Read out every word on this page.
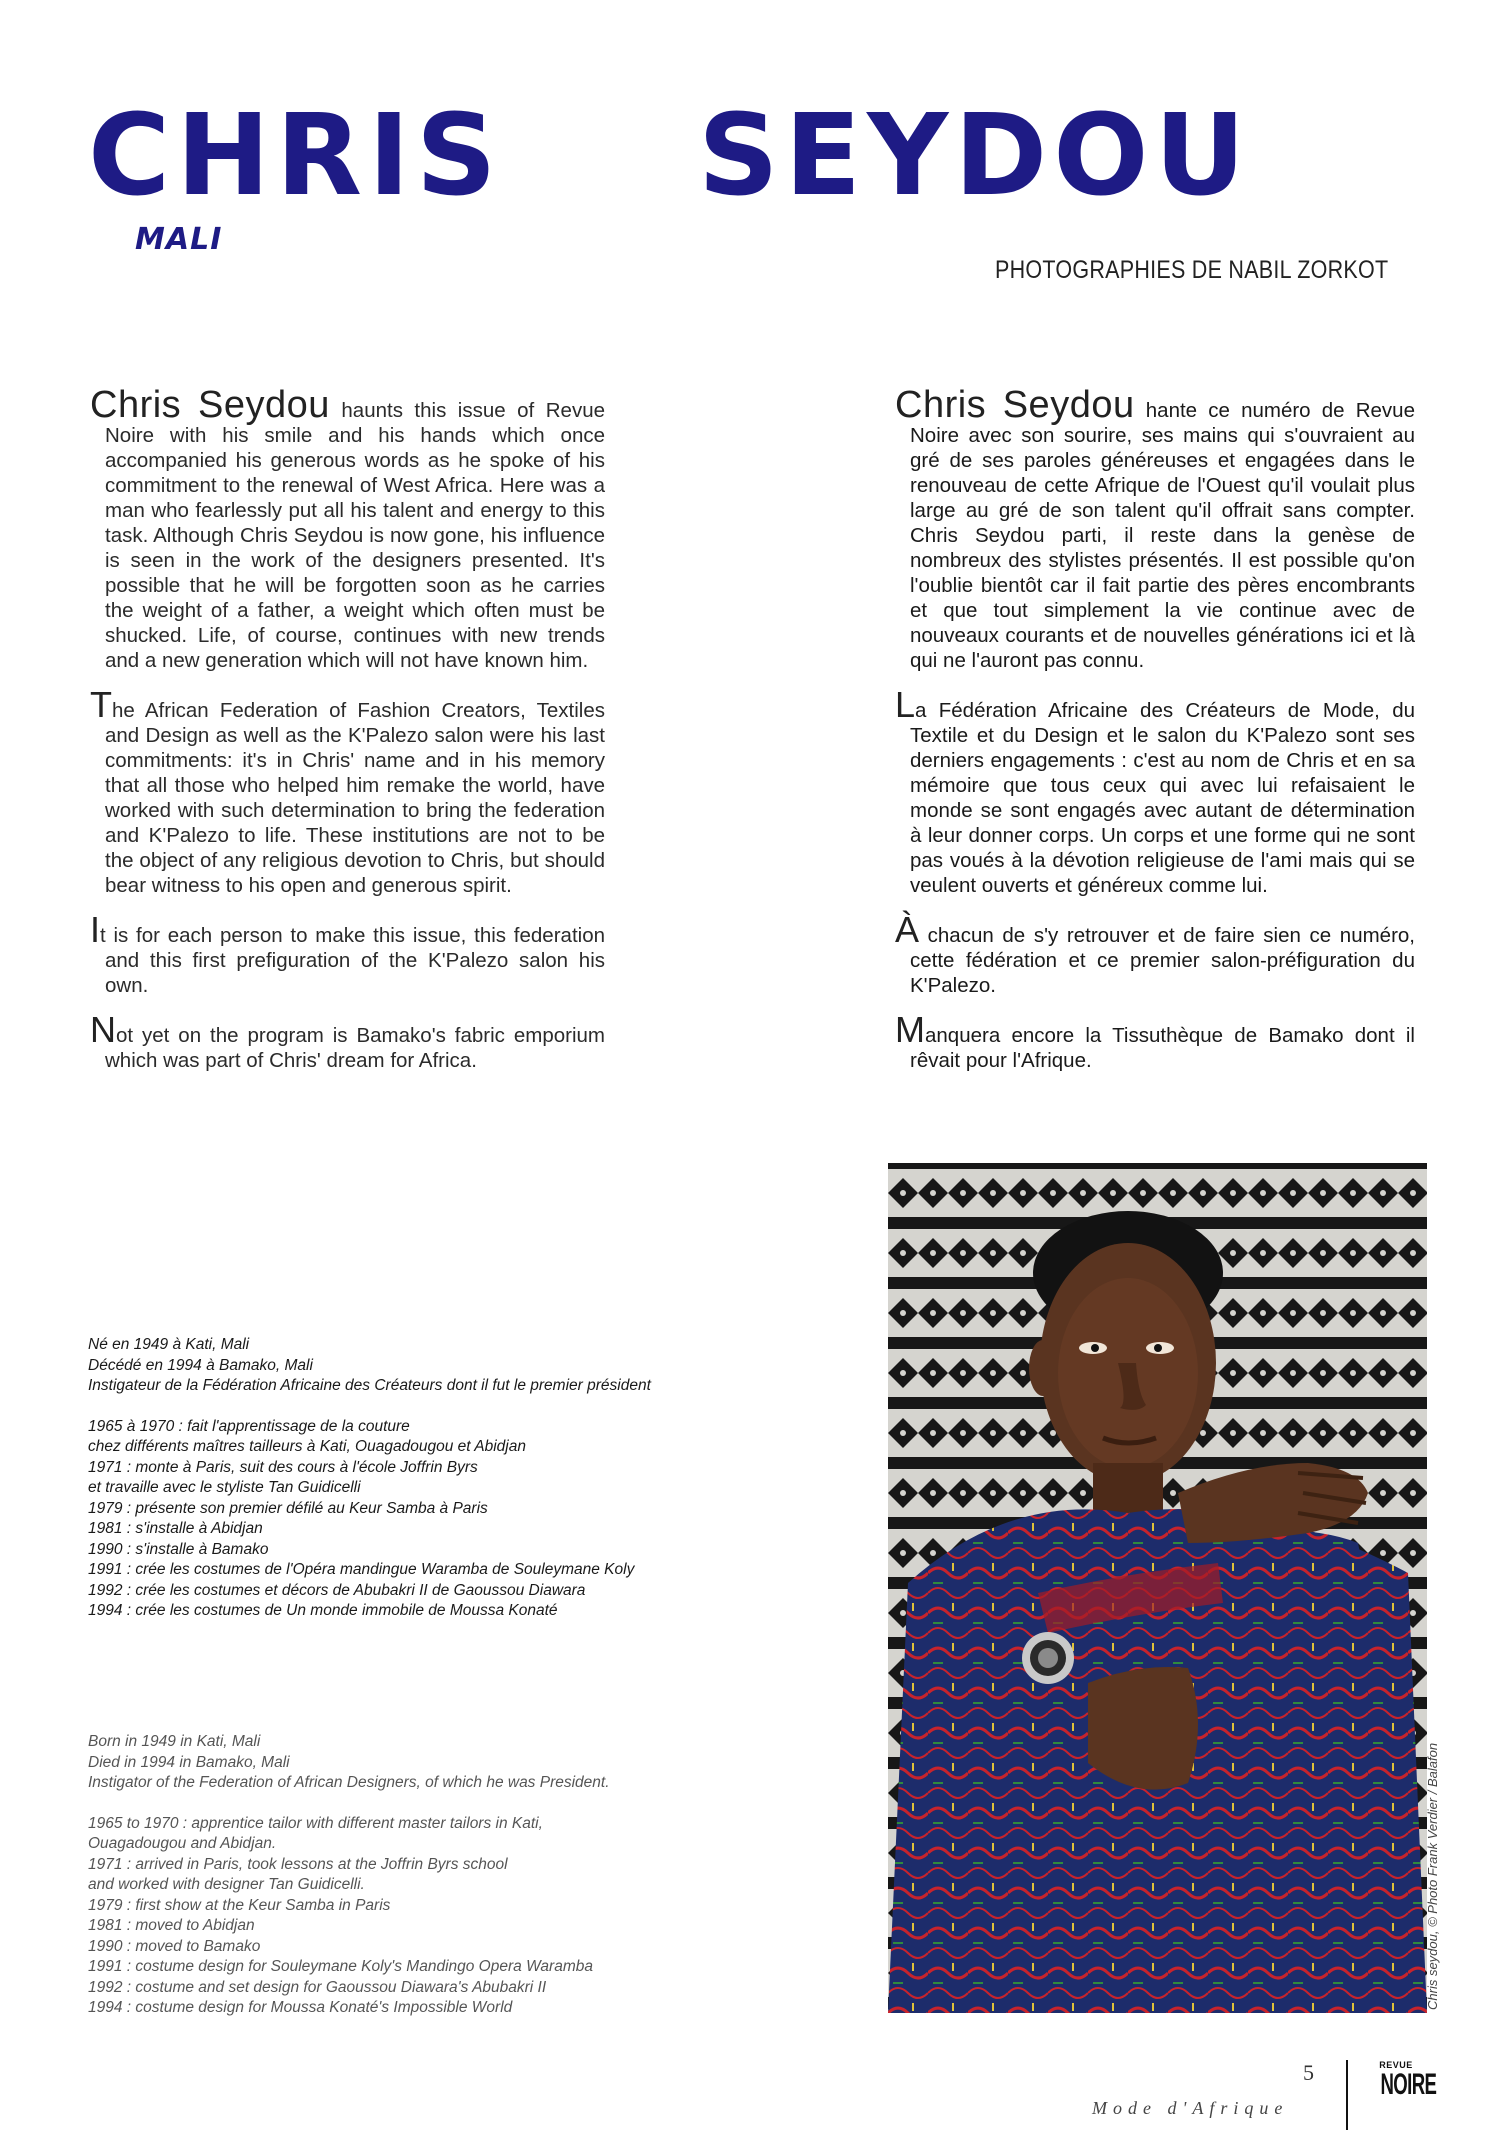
CHRIS SEYDOU
MALI
PHOTOGRAPHIES DE NABIL ZORKOT

Chris Seydou haunts this issue of Revue Noire with his smile and his hands which once accompanied his generous words as he spoke of his commitment to the renewal of West Africa. Here was a man who fearlessly put all his talent and energy to this task. Although Chris Seydou is now gone, his influence is seen in the work of the designers presented. It's possible that he will be forgotten soon as he carries the weight of a father, a weight which often must be shucked. Life, of course, continues with new trends and a new generation which will not have known him.

The African Federation of Fashion Creators, Textiles and Design as well as the K'Palezo salon were his last commitments: it's in Chris' name and in his memory that all those who helped him remake the world, have worked with such determination to bring the federation and K'Palezo to life. These institutions are not to be the object of any religious devotion to Chris, but should bear witness to his open and generous spirit.

It is for each person to make this issue, this federation and this first prefiguration of the K'Palezo salon his own.

Not yet on the program is Bamako's fabric emporium which was part of Chris' dream for Africa.

Chris Seydou hante ce numéro de Revue Noire avec son sourire, ses mains qui s'ouvraient au gré de ses paroles généreuses et engagées dans le renouveau de cette Afrique de l'Ouest qu'il voulait plus large au gré de son talent qu'il offrait sans compter. Chris Seydou parti, il reste dans la genèse de nombreux des stylistes présentés. Il est possible qu'on l'oublie bientôt car il fait partie des pères encombrants et que tout simplement la vie continue avec de nouveaux courants et de nouvelles générations ici et là qui ne l'auront pas connu.

La Fédération Africaine des Créateurs de Mode, du Textile et du Design et le salon du K'Palezo sont ses derniers engagements : c'est au nom de Chris et en sa mémoire que tous ceux qui avec lui refaisaient le monde se sont engagés avec autant de détermination à leur donner corps. Un corps et une forme qui ne sont pas voués à la dévotion religieuse de l'ami mais qui se veulent ouverts et généreux comme lui.

À chacun de s'y retrouver et de faire sien ce numéro, cette fédération et ce premier salon-préfiguration du K'Palezo.

Manquera encore la Tissuthèque de Bamako dont il rêvait pour l'Afrique.

Né en 1949 à Kati, Mali

Décédé en 1994 à Bamako, Mali

Instigateur de la Fédération Africaine des Créateurs dont il fut le premier président

1965 à 1970 : fait l'apprentissage de la couture

chez différents maîtres tailleurs à Kati, Ouagadougou et Abidjan

1971 : monte à Paris, suit des cours à l'école Joffrin Byrs

et travaille avec le styliste Tan Guidicelli

1979 : présente son premier défilé au Keur Samba à Paris

1981 : s'installe à Abidjan

1990 : s'installe à Bamako

1991 : crée les costumes de l'Opéra mandingue Waramba de Souleymane Koly

1992 : crée les costumes et décors de Abubakri II de Gaoussou Diawara

1994 : crée les costumes de Un monde immobile de Moussa Konaté

Born in 1949 in Kati, Mali

Died in 1994 in Bamako, Mali

Instigator of the Federation of African Designers, of which he was President.

1965 to 1970 : apprentice tailor with different master tailors in Kati,

Ouagadougou and Abidjan.

1971 : arrived in Paris, took lessons at the Joffrin Byrs school

and worked with designer Tan Guidicelli.

1979 : first show at the Keur Samba in Paris

1981 : moved to Abidjan

1990 : moved to Bamako

1991 : costume design for Souleymane Koly's Mandingo Opera Waramba

1992 : costume and set design for Gaoussou Diawara's Abubakri II

1994 : costume design for Moussa Konaté's Impossible World	Chris seydou, © Photo Frank Verdier / Balafon
5
Mode d'Afrique
REVUE
NOIRE
